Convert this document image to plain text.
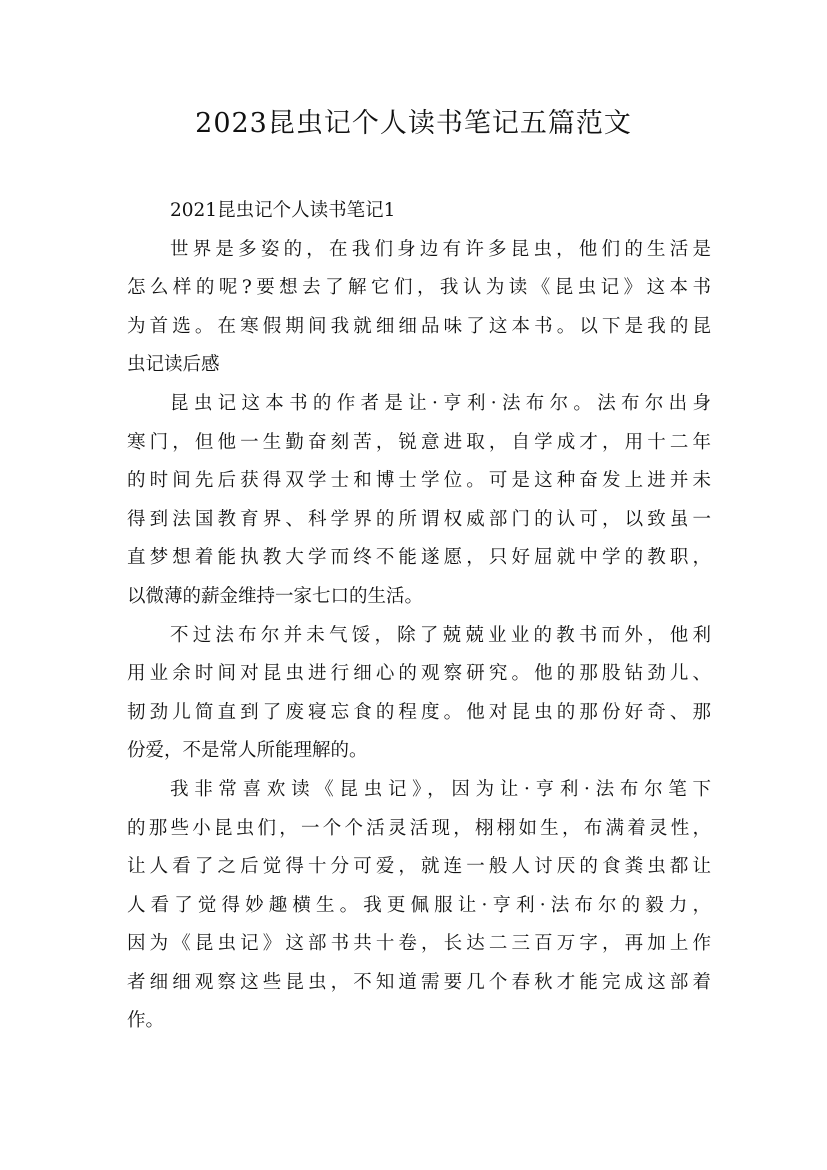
2023昆虫记个人读书笔记五篇范文

2021昆虫记个人读书笔记1

世界是多姿的，在我们身边有许多昆虫，他们的生活是
怎么样的呢?要想去了解它们，我认为读《昆虫记》这本书
为首选。在寒假期间我就细细品味了这本书。以下是我的昆
虫记读后感

昆虫记这本书的作者是让·亨利·法布尔。法布尔出身
寒门，但他一生勤奋刻苦，锐意进取，自学成才，用十二年
的时间先后获得双学士和博士学位。可是这种奋发上进并未
得到法国教育界、科学界的所谓权威部门的认可，以致虽一
直梦想着能执教大学而终不能遂愿，只好屈就中学的教职，
以微薄的薪金维持一家七口的生活。

不过法布尔并未气馁，除了兢兢业业的教书而外，他利
用业余时间对昆虫进行细心的观察研究。他的那股钻劲儿、
韧劲儿简直到了废寝忘食的程度。他对昆虫的那份好奇、那
份爱，不是常人所能理解的。

我非常喜欢读《昆虫记》，因为让·亨利·法布尔笔下
的那些小昆虫们，一个个活灵活现，栩栩如生，布满着灵性，
让人看了之后觉得十分可爱，就连一般人讨厌的食粪虫都让
人看了觉得妙趣横生。我更佩服让·亨利·法布尔的毅力，
因为《昆虫记》这部书共十卷，长达二三百万字，再加上作
者细细观察这些昆虫，不知道需要几个春秋才能完成这部着
作。
